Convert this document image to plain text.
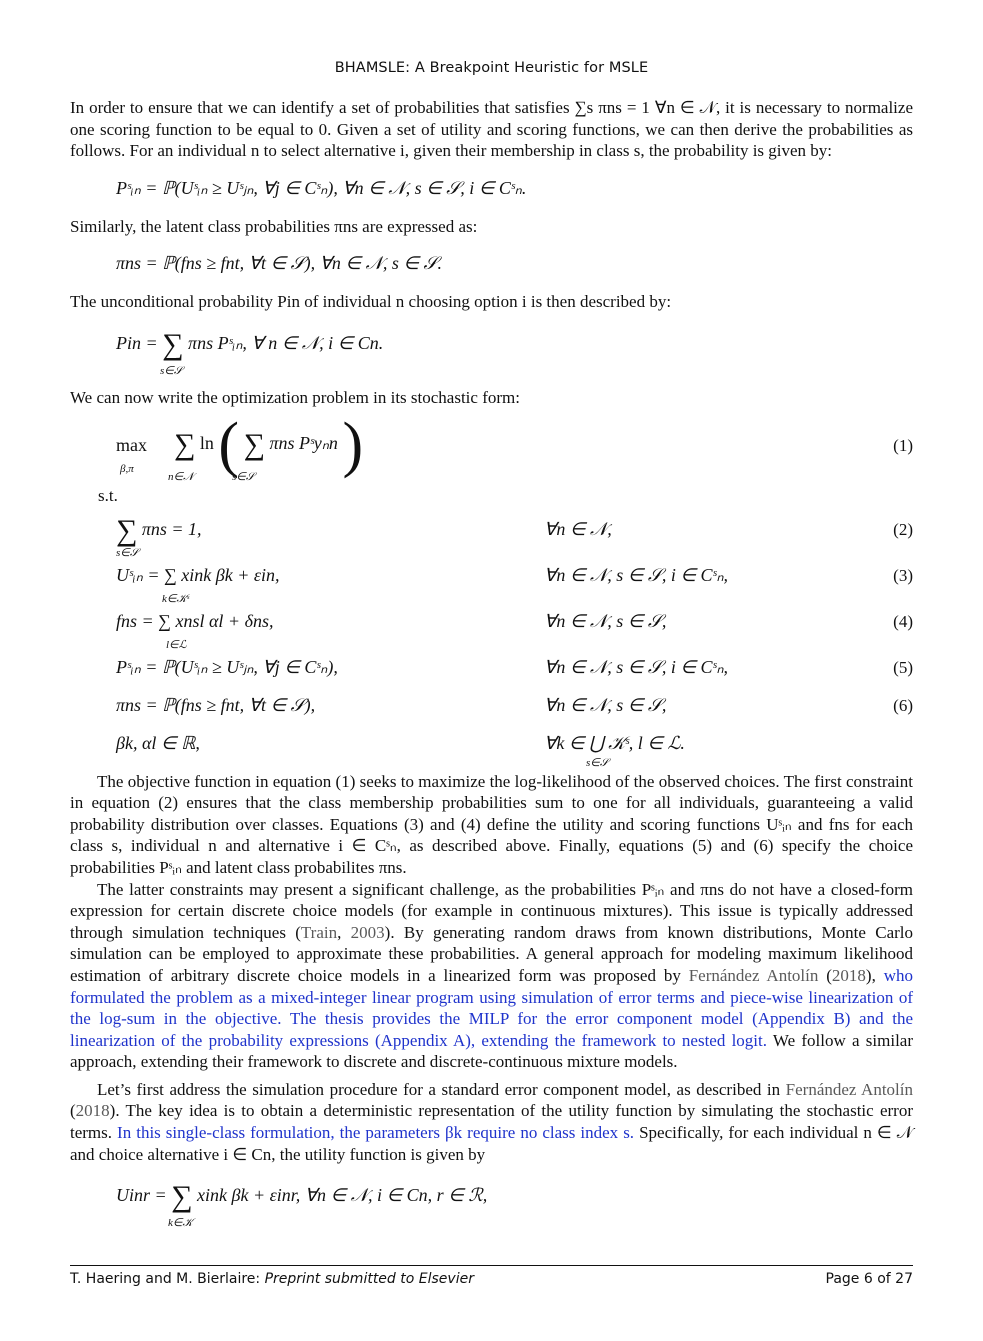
BHAMSLE: A Breakpoint Heuristic for MSLE

In order to ensure that we can identify a set of probabilities that satisfies ∑s πns = 1 ∀n ∈ 𝒩, it is necessary to normalize one scoring function to be equal to 0. Given a set of utility and scoring functions, we can then derive the probabilities as follows. For an individual n to select alternative i, given their membership in class s, the probability is given by:

Pˢᵢₙ = ℙ(Uˢᵢₙ ≥ Uˢⱼₙ, ∀j ∈ Cˢₙ), ∀n ∈ 𝒩, s ∈ 𝒮, i ∈ Cˢₙ.

Similarly, the latent class probabilities πns are expressed as:

πns = ℙ(fns ≥ fnt, ∀t ∈ 𝒮), ∀n ∈ 𝒩, s ∈ 𝒮.

The unconditional probability Pin of individual n choosing option i is then described by:

Pin = ∑ πns Pˢᵢₙ, ∀ n ∈ 𝒩, i ∈ Cn.
s∈𝒮

We can now write the optimization problem in its stochastic form:

max
β,π
∑ ln ( ∑ πns Pˢyₙn )
n∈𝒩	s∈𝒮
(1)
s.t.
∑ πns = 1,
s∈𝒮
∀n ∈ 𝒩,	(2)
Uˢᵢₙ = ∑ xink βk + εin,
k∈𝒦ˢ
∀n ∈ 𝒩, s ∈ 𝒮, i ∈ Cˢₙ,	(3)
fns = ∑ xnsl αl + δns,
l∈ℒ
∀n ∈ 𝒩, s ∈ 𝒮,	(4)
Pˢᵢₙ = ℙ(Uˢᵢₙ ≥ Uˢⱼₙ, ∀j ∈ Cˢₙ),	∀n ∈ 𝒩, s ∈ 𝒮, i ∈ Cˢₙ,	(5)
πns = ℙ(fns ≥ fnt, ∀t ∈ 𝒮),	∀n ∈ 𝒩, s ∈ 𝒮,	(6)
βk, αl ∈ ℝ,	∀k ∈ ⋃ 𝒦ˢ, l ∈ ℒ.
s∈𝒮

The objective function in equation (1) seeks to maximize the log-likelihood of the observed choices. The first constraint in equation (2) ensures that the class membership probabilities sum to one for all individuals, guaranteeing a valid probability distribution over classes. Equations (3) and (4) define the utility and scoring functions Uˢᵢₙ and fns for each class s, individual n and alternative i ∈ Cˢₙ, as described above. Finally, equations (5) and (6) specify the choice probabilities Pˢᵢₙ and latent class probabilites πns.

The latter constraints may present a significant challenge, as the probabilities Pˢᵢₙ and πns do not have a closed-form expression for certain discrete choice models (for example in continuous mixtures). This issue is typically addressed through simulation techniques (Train, 2003). By generating random draws from known distributions, Monte Carlo simulation can be employed to approximate these probabilities. A general approach for modeling maximum likelihood estimation of arbitrary discrete choice models in a linearized form was proposed by Fernández Antolín (2018), who formulated the problem as a mixed-integer linear program using simulation of error terms and piece-wise linearization of the log-sum in the objective. The thesis provides the MILP for the error component model (Appendix B) and the linearization of the probability expressions (Appendix A), extending the framework to nested logit. We follow a similar approach, extending their framework to discrete and discrete-continuous mixture models.

Let’s first address the simulation procedure for a standard error component model, as described in Fernández Antolín (2018). The key idea is to obtain a deterministic representation of the utility function by simulating the stochastic error terms. In this single-class formulation, the parameters βk require no class index s. Specifically, for each individual n ∈ 𝒩 and choice alternative i ∈ Cn, the utility function is given by

Uinr = ∑ xink βk + εinr, ∀n ∈ 𝒩, i ∈ Cn, r ∈ ℛ,
k∈𝒦
T. Haering and M. Bierlaire: Preprint submitted to Elsevier	Page 6 of 27
